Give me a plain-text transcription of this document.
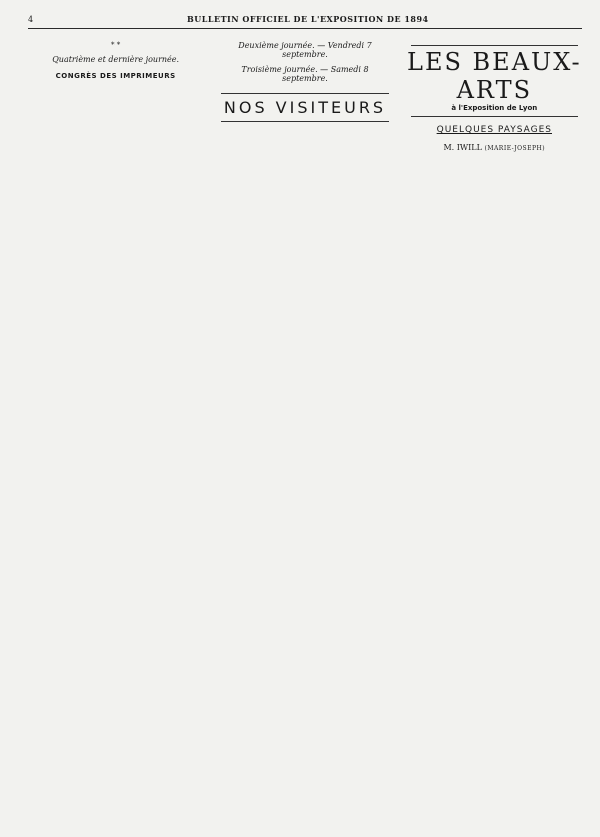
4	BULLETIN OFFICIEL DE L'EXPOSITION DE 1894

* *

Quatrième et dernière journée.

CONGRÈS DES IMPRIMEURS

Deuxième journée. — Vendredi 7 septembre.

Troisième journée. — Samedi 8 septembre.

NOS VISITEURS

LES BEAUX-ARTS
à l'Exposition de Lyon
QUELQUES PAYSAGES

M. IWILL (MARIE-JOSEPH)
